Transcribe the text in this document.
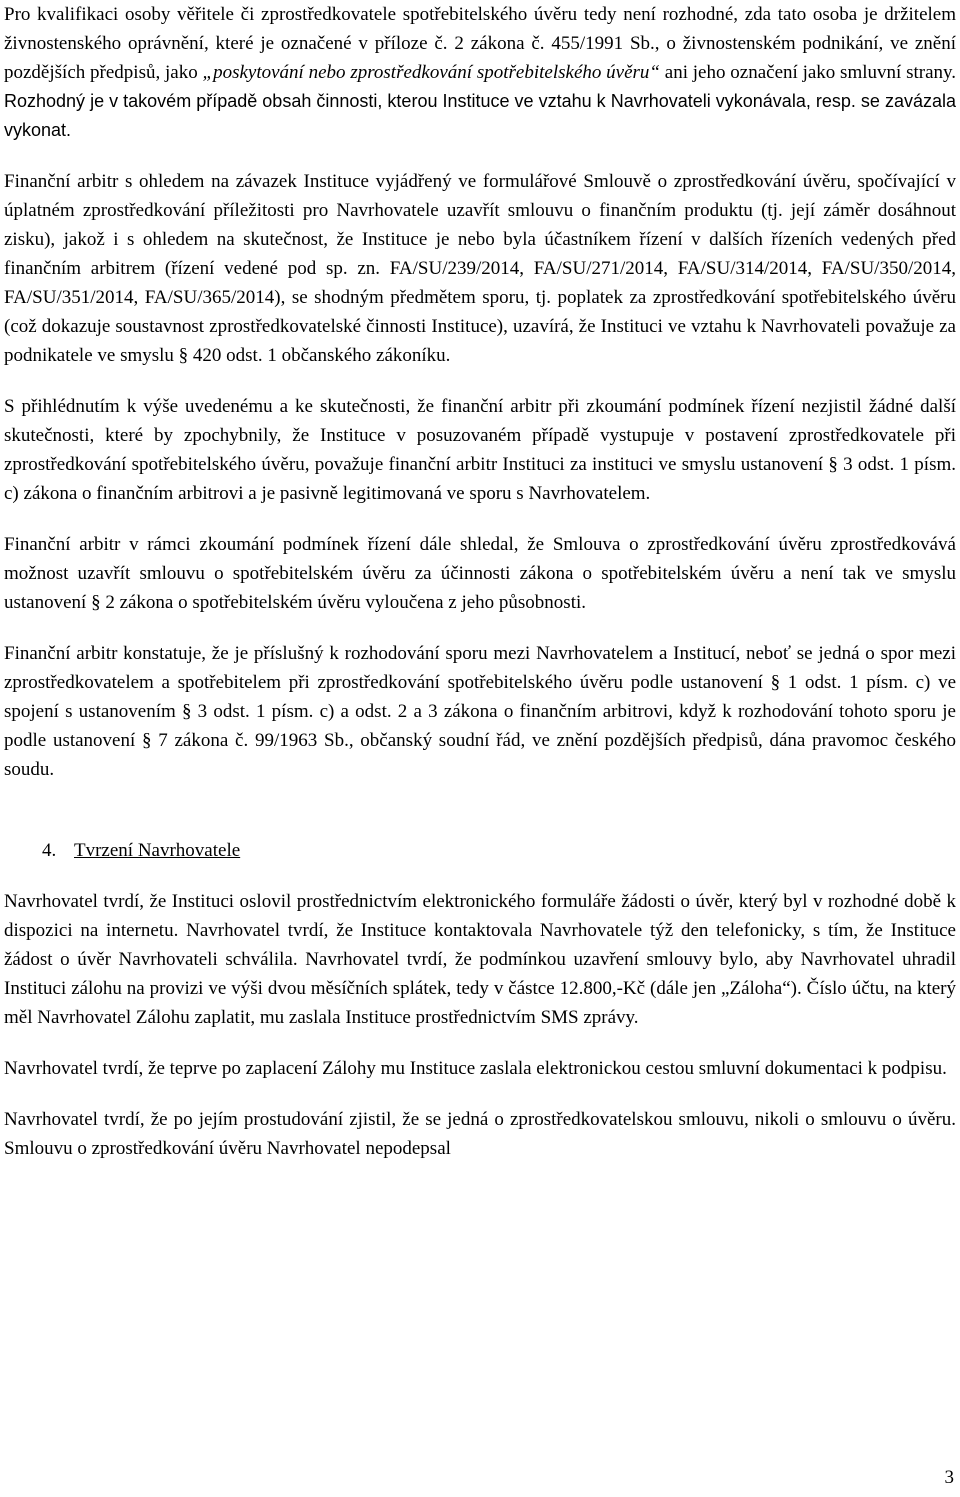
Pro kvalifikaci osoby věřitele či zprostředkovatele spotřebitelského úvěru tedy není rozhodné, zda tato osoba je držitelem živnostenského oprávnění, které je označené v příloze č. 2 zákona č. 455/1991 Sb., o živnostenském podnikání, ve znění pozdějších předpisů, jako „poskytování nebo zprostředkování spotřebitelského úvěru“ ani jeho označení jako smluvní strany. Rozhodný je v takovém případě obsah činnosti, kterou Instituce ve vztahu k Navrhovateli vykonávala, resp. se zavázala vykonat.

Finanční arbitr s ohledem na závazek Instituce vyjádřený ve formulářové Smlouvě o zprostředkování úvěru, spočívající v úplatném zprostředkování příležitosti pro Navrhovatele uzavřít smlouvu o finančním produktu (tj. její záměr dosáhnout zisku), jakož i s ohledem na skutečnost, že Instituce je nebo byla účastníkem řízení v dalších řízeních vedených před finančním arbitrem (řízení vedené pod sp. zn. FA/SU/239/2014, FA/SU/271/2014, FA/SU/314/2014, FA/SU/350/2014, FA/SU/351/2014, FA/SU/365/2014), se shodným předmětem sporu, tj. poplatek za zprostředkování spotřebitelského úvěru (což dokazuje soustavnost zprostředkovatelské činnosti Instituce), uzavírá, že Instituci ve vztahu k Navrhovateli považuje za podnikatele ve smyslu § 420 odst. 1 občanského zákoníku.

S přihlédnutím k výše uvedenému a ke skutečnosti, že finanční arbitr při zkoumání podmínek řízení nezjistil žádné další skutečnosti, které by zpochybnily, že Instituce v posuzovaném případě vystupuje v postavení zprostředkovatele při zprostředkování spotřebitelského úvěru, považuje finanční arbitr Instituci za instituci ve smyslu ustanovení § 3 odst. 1 písm. c) zákona o finančním arbitrovi a je pasivně legitimovaná ve sporu s Navrhovatelem.

Finanční arbitr v rámci zkoumání podmínek řízení dále shledal, že Smlouva o zprostředkování úvěru zprostředkovává možnost uzavřít smlouvu o spotřebitelském úvěru za účinnosti zákona o spotřebitelském úvěru a není tak ve smyslu ustanovení § 2 zákona o spotřebitelském úvěru vyloučena z jeho působnosti.

Finanční arbitr konstatuje, že je příslušný k rozhodování sporu mezi Navrhovatelem a Institucí, neboť se jedná o spor mezi zprostředkovatelem a spotřebitelem při zprostředkování spotřebitelského úvěru podle ustanovení § 1 odst. 1 písm. c) ve spojení s ustanovením § 3 odst. 1 písm. c) a odst. 2 a 3 zákona o finančním arbitrovi, když k rozhodování tohoto sporu je podle ustanovení § 7 zákona č. 99/1963 Sb., občanský soudní řád, ve znění pozdějších předpisů, dána pravomoc českého soudu.

4. Tvrzení Navrhovatele

Navrhovatel tvrdí, že Instituci oslovil prostřednictvím elektronického formuláře žádosti o úvěr, který byl v rozhodné době k dispozici na internetu. Navrhovatel tvrdí, že Instituce kontaktovala Navrhovatele týž den telefonicky, s tím, že Instituce žádost o úvěr Navrhovateli schválila. Navrhovatel tvrdí, že podmínkou uzavření smlouvy bylo, aby Navrhovatel uhradil Instituci zálohu na provizi ve výši dvou měsíčních splátek, tedy v částce 12.800,-Kč (dále jen „Záloha“). Číslo účtu, na který měl Navrhovatel Zálohu zaplatit, mu zaslala Instituce prostřednictvím SMS zprávy.

Navrhovatel tvrdí, že teprve po zaplacení Zálohy mu Instituce zaslala elektronickou cestou smluvní dokumentaci k podpisu.

Navrhovatel tvrdí, že po jejím prostudování zjistil, že se jedná o zprostředkovatelskou smlouvu, nikoli o smlouvu o úvěru. Smlouvu o zprostředkování úvěru Navrhovatel nepodepsal

3
